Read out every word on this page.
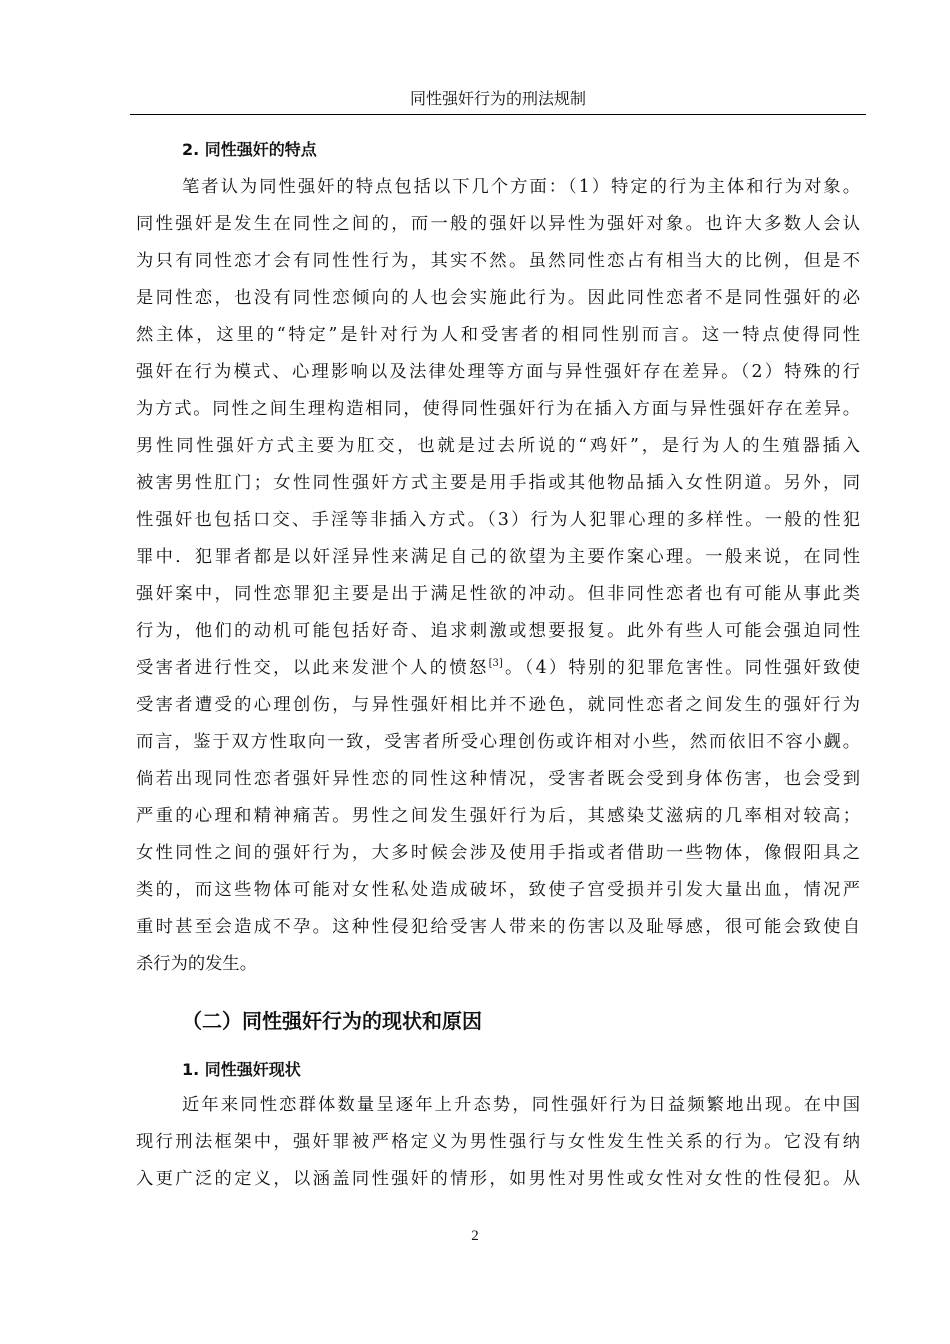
同性强奸行为的刑法规制
2. 同性强奸的特点
笔者认为同性强奸的特点包括以下几个方面：（1）特定的行为主体和行为对象。
同性强奸是发生在同性之间的，而一般的强奸以异性为强奸对象。也许大多数人会认
为只有同性恋才会有同性性行为，其实不然。虽然同性恋占有相当大的比例，但是不
是同性恋，也没有同性恋倾向的人也会实施此行为。因此同性恋者不是同性强奸的必
然主体，这里的“特定”是针对行为人和受害者的相同性别而言。这一特点使得同性
强奸在行为模式、心理影响以及法律处理等方面与异性强奸存在差异。（2）特殊的行
为方式。同性之间生理构造相同，使得同性强奸行为在插入方面与异性强奸存在差异。
男性同性强奸方式主要为肛交，也就是过去所说的“鸡奸”，是行为人的生殖器插入
被害男性肛门；女性同性强奸方式主要是用手指或其他物品插入女性阴道。另外，同
性强奸也包括口交、手淫等非插入方式。（3）行为人犯罪心理的多样性。一般的性犯
罪中．犯罪者都是以奸淫异性来满足自己的欲望为主要作案心理。一般来说，在同性
强奸案中，同性恋罪犯主要是出于满足性欲的冲动。但非同性恋者也有可能从事此类
行为，他们的动机可能包括好奇、追求刺激或想要报复。此外有些人可能会强迫同性
受害者进行性交，以此来发泄个人的愤怒[3]。（4）特别的犯罪危害性。同性强奸致使
受害者遭受的心理创伤，与异性强奸相比并不逊色，就同性恋者之间发生的强奸行为
而言，鉴于双方性取向一致，受害者所受心理创伤或许相对小些，然而依旧不容小觑。
倘若出现同性恋者强奸异性恋的同性这种情况，受害者既会受到身体伤害，也会受到
严重的心理和精神痛苦。男性之间发生强奸行为后，其感染艾滋病的几率相对较高；
女性同性之间的强奸行为，大多时候会涉及使用手指或者借助一些物体，像假阳具之
类的，而这些物体可能对女性私处造成破坏，致使子宫受损并引发大量出血，情况严
重时甚至会造成不孕。这种性侵犯给受害人带来的伤害以及耻辱感，很可能会致使自
杀行为的发生。
（二）同性强奸行为的现状和原因
1. 同性强奸现状
近年来同性恋群体数量呈逐年上升态势，同性强奸行为日益频繁地出现。在中国
现行刑法框架中，强奸罪被严格定义为男性强行与女性发生性关系的行为。它没有纳
入更广泛的定义，以涵盖同性强奸的情形，如男性对男性或女性对女性的性侵犯。从
2
